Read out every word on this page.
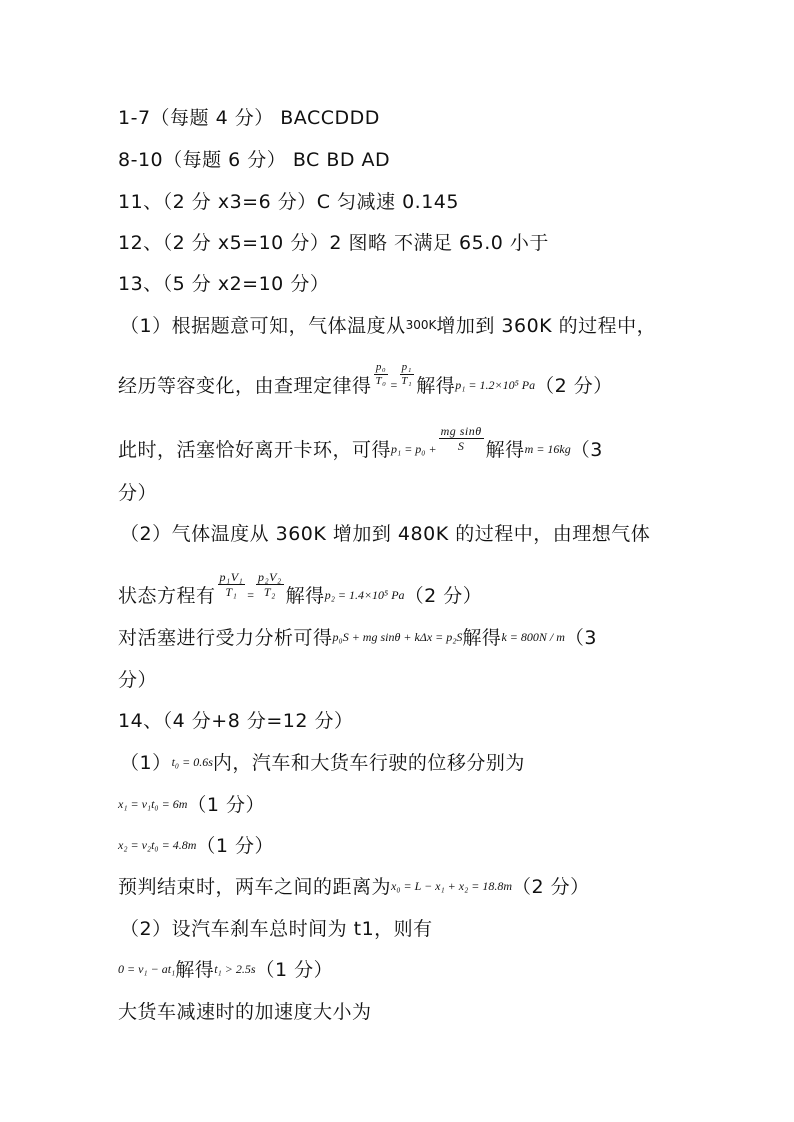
1-7（每题 4 分） BACCDDD
8-10（每题 6 分） BC BD AD
11、（2 分 x3=6 分）C 匀减速 0.145
12、（2 分 x5=10 分）2 图略 不满足 65.0 小于
13、（5 分 x2=10 分）
（1）根据题意可知，气体温度从300K增加到 360K 的过程中，
经历等容变化，由查理定律得 $\frac{\text{p₀}}{\text{T₀}} = \frac{\text{p₁}}{\text{T₁}}$ 解得p₁ = 1.2×10⁵ Pa（2 分）
此时，活塞恰好离开卡环，可得$p_1 = p_0 + \frac{\text{mg sinθ}}{S}$ 解得m = 16kg（3
分）
（2）气体温度从 360K 增加到 480K 的过程中，由理想气体
状态方程有 $\frac{\text{p₁V₁}}{\text{T₁}} = \frac{\text{p₂V₂}}{\text{T₂}}$ 解得p₂ = 1.4×10⁵ Pa（2 分）
对活塞进行受力分析可得p₀S + mg sinθ + kΔx = p₂S解得k = 800N / m（3
分）
14、（4 分+8 分=12 分）
（1）t₀ = 0.6s内，汽车和大货车行驶的位移分别为
x₁ = v₁t₀ = 6m（1 分）
x₂ = v₂t₀ = 4.8m（1 分）
预判结束时，两车之间的距离为x₀ = L − x₁ + x₂ = 18.8m（2 分）
（2）设汽车刹车总时间为 t1，则有
0 = v₁ − at₁解得t₁ > 2.5s（1 分）
大货车减速时的加速度大小为
